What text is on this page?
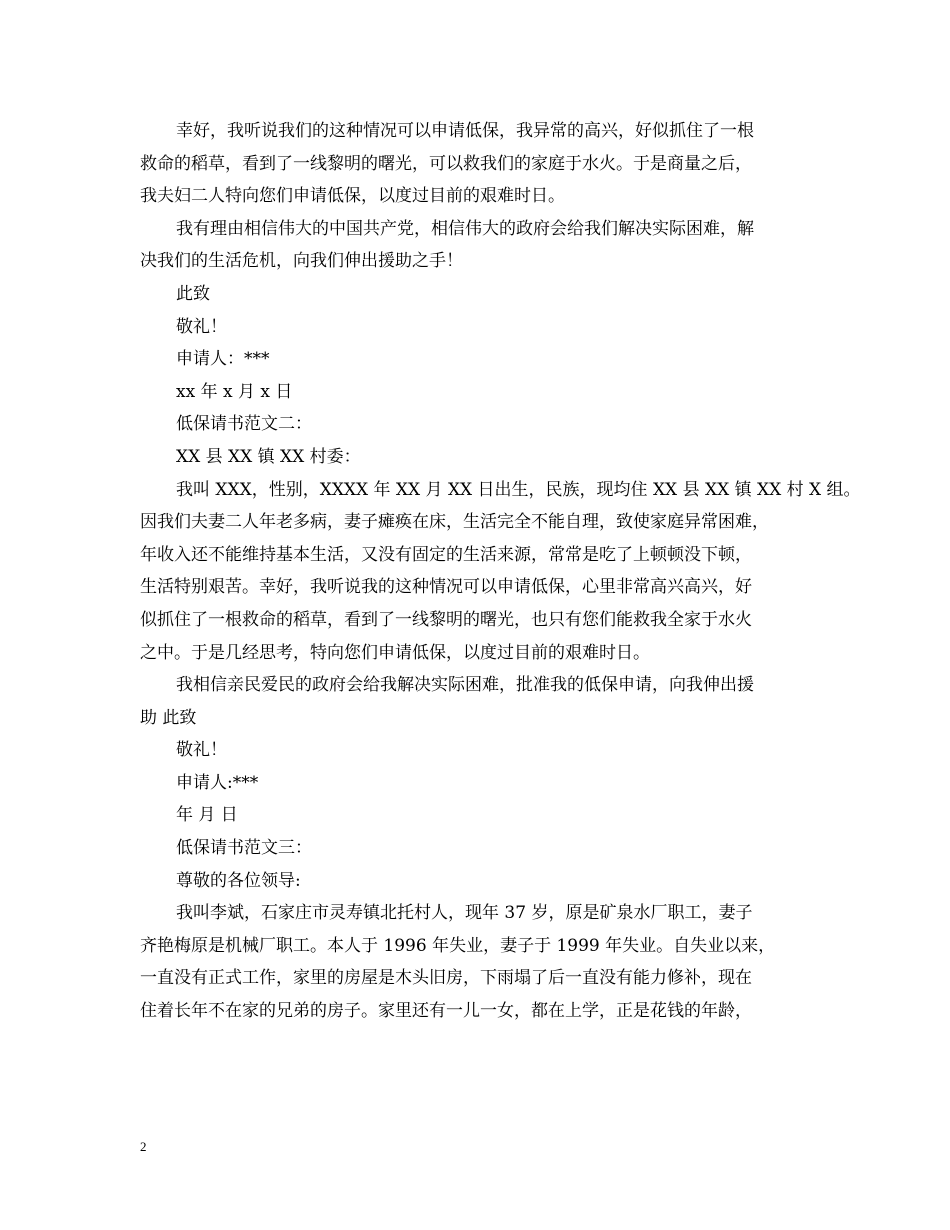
幸好，我听说我们的这种情况可以申请低保，我异常的高兴，好似抓住了一根
救命的稻草，看到了一线黎明的曙光，可以救我们的家庭于水火。于是商量之后，
我夫妇二人特向您们申请低保，以度过目前的艰难时日。
我有理由相信伟大的中国共产党，相信伟大的政府会给我们解决实际困难，解
决我们的生活危机，向我们伸出援助之手！
此致
敬礼！
申请人：***
xx 年 x 月 x 日
低保请书范文二：
XX 县 XX 镇 XX 村委：
我叫 XXX，性别，XXXX 年 XX 月 XX 日出生，民族，现均住 XX 县 XX 镇 XX 村 X 组。
因我们夫妻二人年老多病，妻子瘫痪在床，生活完全不能自理，致使家庭异常困难，
年收入还不能维持基本生活，又没有固定的生活来源，常常是吃了上顿顿没下顿，
生活特别艰苦。幸好，我听说我的这种情况可以申请低保，心里非常高兴高兴，好
似抓住了一根救命的稻草，看到了一线黎明的曙光，也只有您们能救我全家于水火
之中。于是几经思考，特向您们申请低保，以度过目前的艰难时日。
我相信亲民爱民的政府会给我解决实际困难，批准我的低保申请，向我伸出援
助 此致
敬礼！
申请人:***
年 月 日
低保请书范文三：
尊敬的各位领导:
我叫李斌，石家庄市灵寿镇北托村人，现年 37 岁，原是矿泉水厂职工，妻子
齐艳梅原是机械厂职工。本人于 1996 年失业，妻子于 1999 年失业。自失业以来，
一直没有正式工作，家里的房屋是木头旧房，下雨塌了后一直没有能力修补，现在
住着长年不在家的兄弟的房子。家里还有一儿一女，都在上学，正是花钱的年龄，
2
